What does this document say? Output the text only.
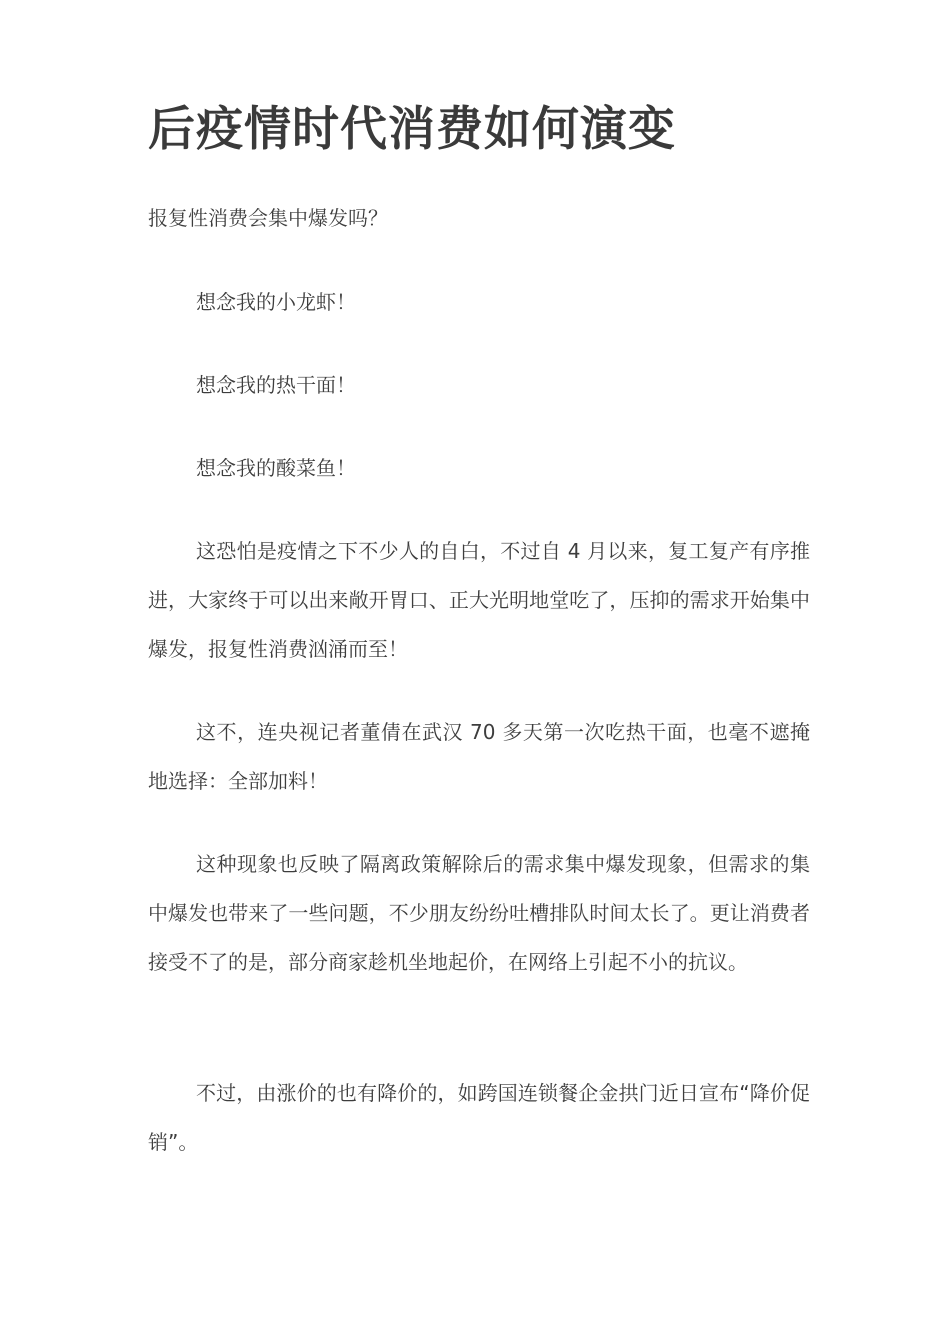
后疫情时代消费如何演变

报复性消费会集中爆发吗？

想念我的小龙虾！

想念我的热干面！

想念我的酸菜鱼！

这恐怕是疫情之下不少人的自白，不过自 4 月以来，复工复产有序推进，大家终于可以出来敞开胃口、正大光明地堂吃了，压抑的需求开始集中爆发，报复性消费汹涌而至！

这不，连央视记者董倩在武汉 70 多天第一次吃热干面，也毫不遮掩地选择：全部加料！

这种现象也反映了隔离政策解除后的需求集中爆发现象，但需求的集中爆发也带来了一些问题，不少朋友纷纷吐槽排队时间太长了。更让消费者接受不了的是，部分商家趁机坐地起价，在网络上引起不小的抗议。

不过，由涨价的也有降价的，如跨国连锁餐企金拱门近日宣布“降价促销”。
